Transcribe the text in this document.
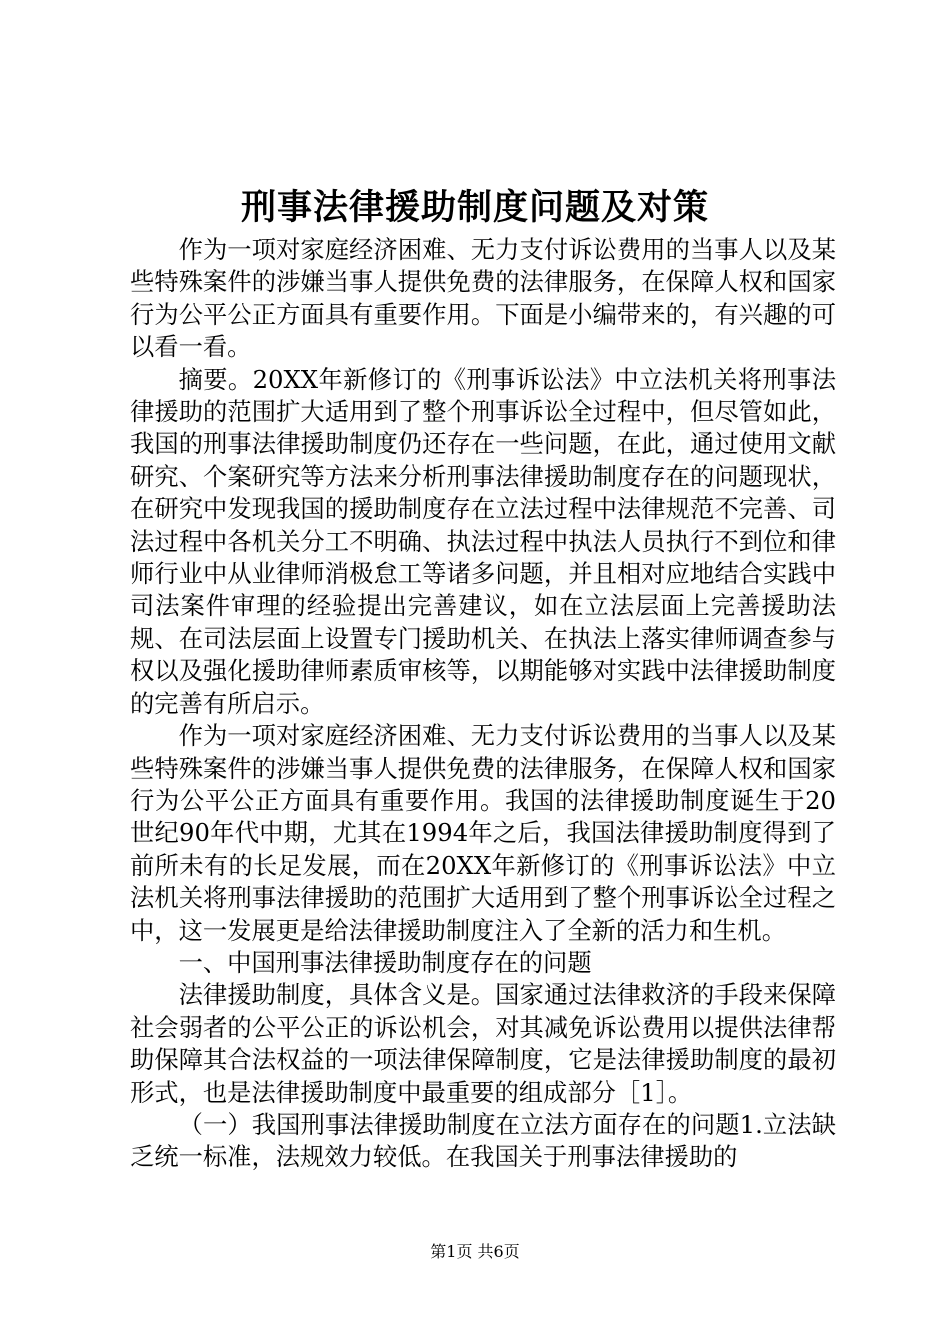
刑事法律援助制度问题及对策

作为一项对家庭经济困难、无力支付诉讼费用的当事人以及某些特殊案件的涉嫌当事人提供免费的法律服务，在保障人权和国家行为公平公正方面具有重要作用。下面是小编带来的，有兴趣的可以看一看。

摘要。20XX年新修订的《刑事诉讼法》中立法机关将刑事法律援助的范围扩大适用到了整个刑事诉讼全过程中，但尽管如此，我国的刑事法律援助制度仍还存在一些问题，在此，通过使用文献研究、个案研究等方法来分析刑事法律援助制度存在的问题现状，在研究中发现我国的援助制度存在立法过程中法律规范不完善、司法过程中各机关分工不明确、执法过程中执法人员执行不到位和律师行业中从业律师消极怠工等诸多问题，并且相对应地结合实践中司法案件审理的经验提出完善建议，如在立法层面上完善援助法规、在司法层面上设置专门援助机关、在执法上落实律师调查参与权以及强化援助律师素质审核等，以期能够对实践中法律援助制度的完善有所启示。

作为一项对家庭经济困难、无力支付诉讼费用的当事人以及某些特殊案件的涉嫌当事人提供免费的法律服务，在保障人权和国家行为公平公正方面具有重要作用。我国的法律援助制度诞生于20世纪90年代中期，尤其在1994年之后，我国法律援助制度得到了前所未有的长足发展，而在20XX年新修订的《刑事诉讼法》中立法机关将刑事法律援助的范围扩大适用到了整个刑事诉讼全过程之中，这一发展更是给法律援助制度注入了全新的活力和生机。

一、中国刑事法律援助制度存在的问题

法律援助制度，具体含义是。国家通过法律救济的手段来保障社会弱者的公平公正的诉讼机会，对其减免诉讼费用以提供法律帮助保障其合法权益的一项法律保障制度，它是法律援助制度的最初形式，也是法律援助制度中最重要的组成部分［1］。

（一）我国刑事法律援助制度在立法方面存在的问题1.立法缺乏统一标准，法规效力较低。在我国关于刑事法律援助的

第1页 共6页
